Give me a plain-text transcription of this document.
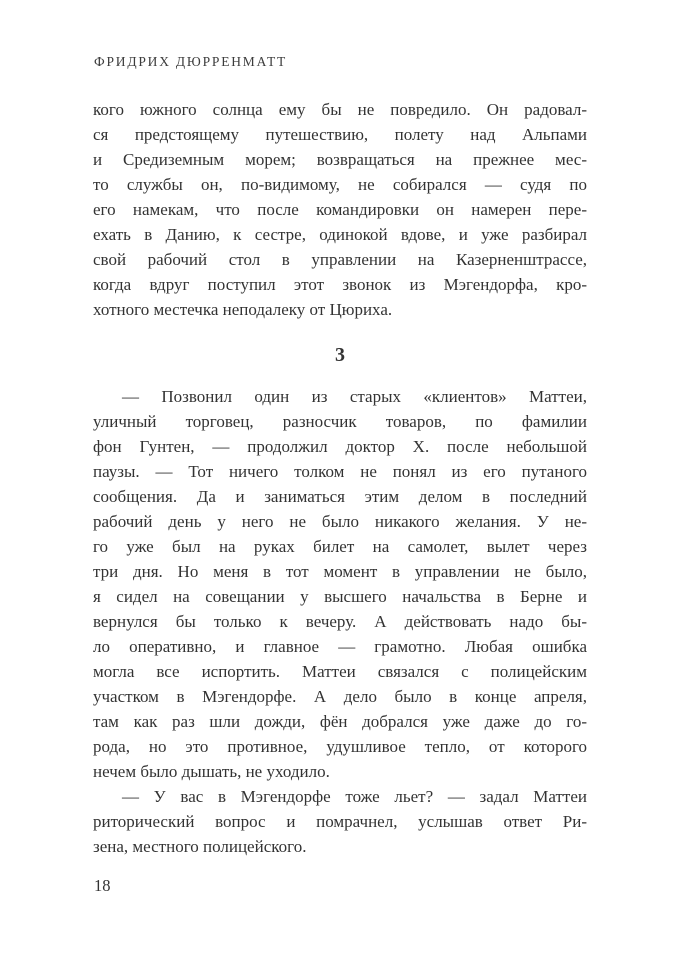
ФРИДРИХ ДЮРРЕНМАТТ
кого южного солнца ему бы не повредило. Он радовал-
ся предстоящему путешествию, полету над Альпами
и Средиземным морем; возвращаться на прежнее мес-
то службы он, по-видимому, не собирался — судя по
его намекам, что после командировки он намерен пере-
ехать в Данию, к сестре, одинокой вдове, и уже разбирал
свой рабочий стол в управлении на Казерненштрассе,
когда вдруг поступил этот звонок из Мэгендорфа, кро-
хотного местечка неподалеку от Цюриха.
3
— Позвонил один из старых «клиентов» Маттеи,
уличный торговец, разносчик товаров, по фамилии
фон Гунтен, — продолжил доктор Х. после небольшой
паузы. — Тот ничего толком не понял из его путаного
сообщения. Да и заниматься этим делом в последний
рабочий день у него не было никакого желания. У не-
го уже был на руках билет на самолет, вылет через
три дня. Но меня в тот момент в управлении не было,
я сидел на совещании у высшего начальства в Берне и
вернулся бы только к вечеру. А действовать надо бы-
ло оперативно, и главное — грамотно. Любая ошибка
могла все испортить. Маттеи связался с полицейским
участком в Мэгендорфе. А дело было в конце апреля,
там как раз шли дожди, фён добрался уже даже до го-
рода, но это противное, удушливое тепло, от которого
нечем было дышать, не уходило.
— У вас в Мэгендорфе тоже льет? — задал Маттеи
риторический вопрос и помрачнел, услышав ответ Ри-
зена, местного полицейского.
18
